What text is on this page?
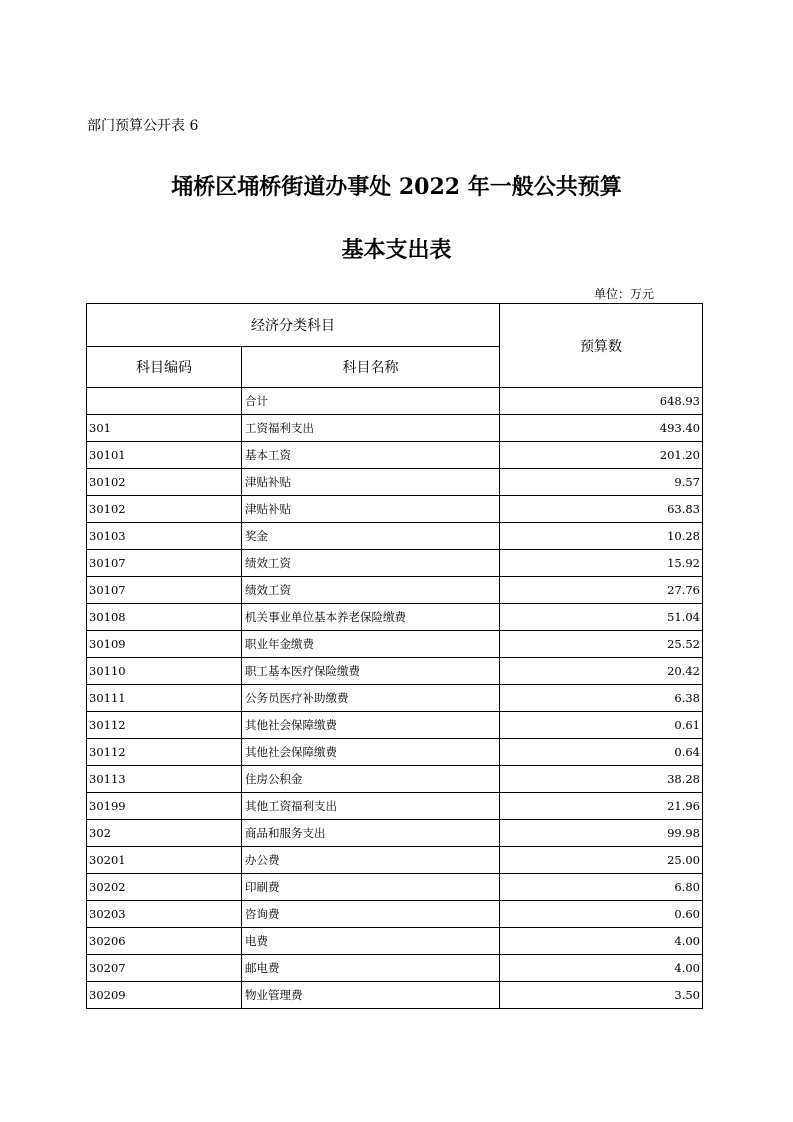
部门预算公开表 6
埇桥区埇桥街道办事处 2022 年一般公共预算
基本支出表
单位：万元
经济分类科目		预算数
科目编码	科目名称	
	合计	648.93
301	工资福利支出	493.40
30101	基本工资	201.20
30102	津贴补贴	9.57
30102	津贴补贴	63.83
30103	奖金	10.28
30107	绩效工资	15.92
30107	绩效工资	27.76
30108	机关事业单位基本养老保险缴费	51.04
30109	职业年金缴费	25.52
30110	职工基本医疗保险缴费	20.42
30111	公务员医疗补助缴费	6.38
30112	其他社会保障缴费	0.61
30112	其他社会保障缴费	0.64
30113	住房公积金	38.28
30199	其他工资福利支出	21.96
302	商品和服务支出	99.98
30201	办公费	25.00
30202	印刷费	6.80
30203	咨询费	0.60
30206	电费	4.00
30207	邮电费	4.00
30209	物业管理费	3.50
